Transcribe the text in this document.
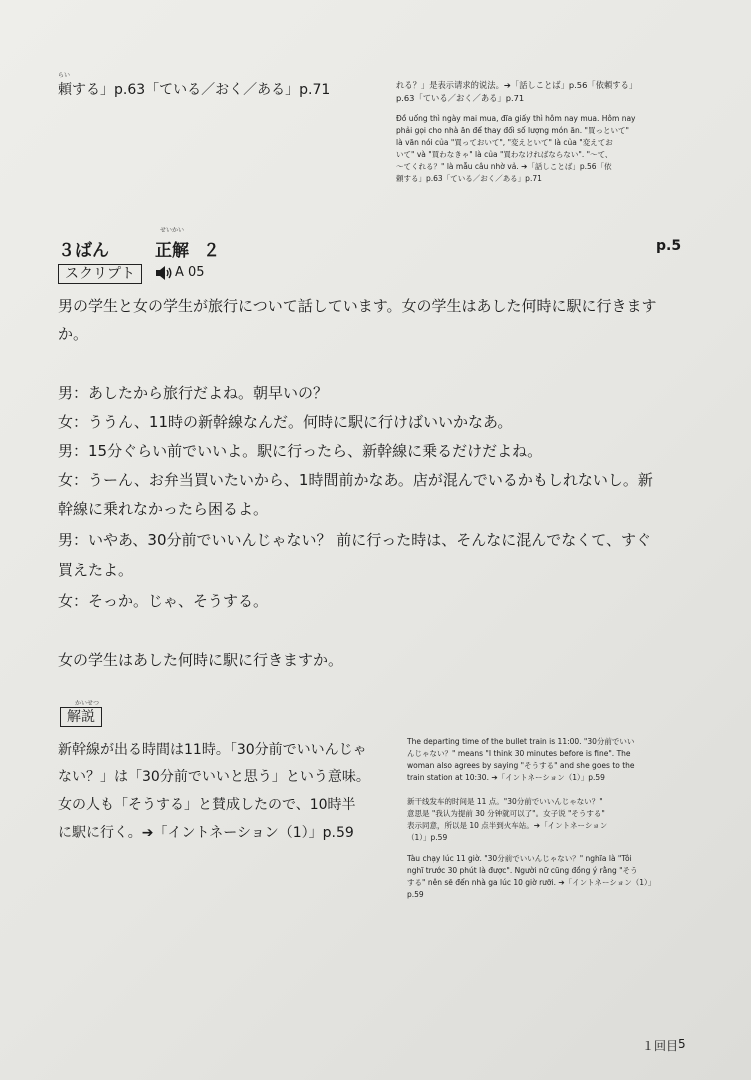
らい
頼する」p.63「ている／おく／ある」p.71	れる？」是表示请求的说法。➔「話しことば」p.56「依頼する」
p.63「ている／おく／ある」p.71
Đồ uống thì ngày mai mua, đĩa giấy thì hôm nay mua. Hôm nay
phải gọi cho nhà ăn để thay đổi số lượng món ăn. "買っといて"
là văn nói của "買っておいて", "変えといて" là của "変えてお
いて" và "買わなきゃ" là của "買わなければならない". "〜て、
〜てくれる？" là mẫu câu nhờ vả. ➔「話しことば」p.56「依
頼する」p.63「ている／おく／ある」p.71
３ばん
せいかい
正解 ２	p.5
スクリプト	A 05
男の学生と女の学生が旅行について話しています。女の学生はあした何時に駅に行きます
か。
男：あしたから旅行だよね。朝早いの？
女：ううん、11時の新幹線なんだ。何時に駅に行けばいいかなあ。
男：15分ぐらい前でいいよ。駅に行ったら、新幹線に乗るだけだよね。
女：うーん、お弁当買いたいから、1時間前かなあ。店が混んでいるかもしれないし。新
幹線に乗れなかったら困るよ。
男：いやあ、30分前でいいんじゃない？ 前に行った時は、そんなに混んでなくて、すぐ
買えたよ。
女：そっか。じゃ、そうする。
女の学生はあした何時に駅に行きますか。
かいせつ
解説
新幹線が出る時間は11時。「30分前でいいんじゃ
ない？」は「30分前でいいと思う」という意味。
女の人も「そうする」と賛成したので、10時半
に駅に行く。➔「イントネーション（1）」p.59
The departing time of the bullet train is 11:00. "30分前でいい
んじゃない？" means "I think 30 minutes before is fine". The
woman also agrees by saying "そうする" and she goes to the
train station at 10:30. ➔「イントネーション（1）」p.59
新干线发车的时间是 11 点。"30分前でいいんじゃない？"
意思是 "我认为提前 30 分钟就可以了"。女子说 "そうする"
表示同意，所以是 10 点半到火车站。➔「イントネーション
（1）」p.59
Tàu chạy lúc 11 giờ. "30分前でいいんじゃない？" nghĩa là "Tôi
nghĩ trước 30 phút là được". Người nữ cũng đồng ý rằng "そう
する" nên sẽ đến nhà ga lúc 10 giờ rưỡi. ➔「イントネーション（1）」
p.59
１回目 5
